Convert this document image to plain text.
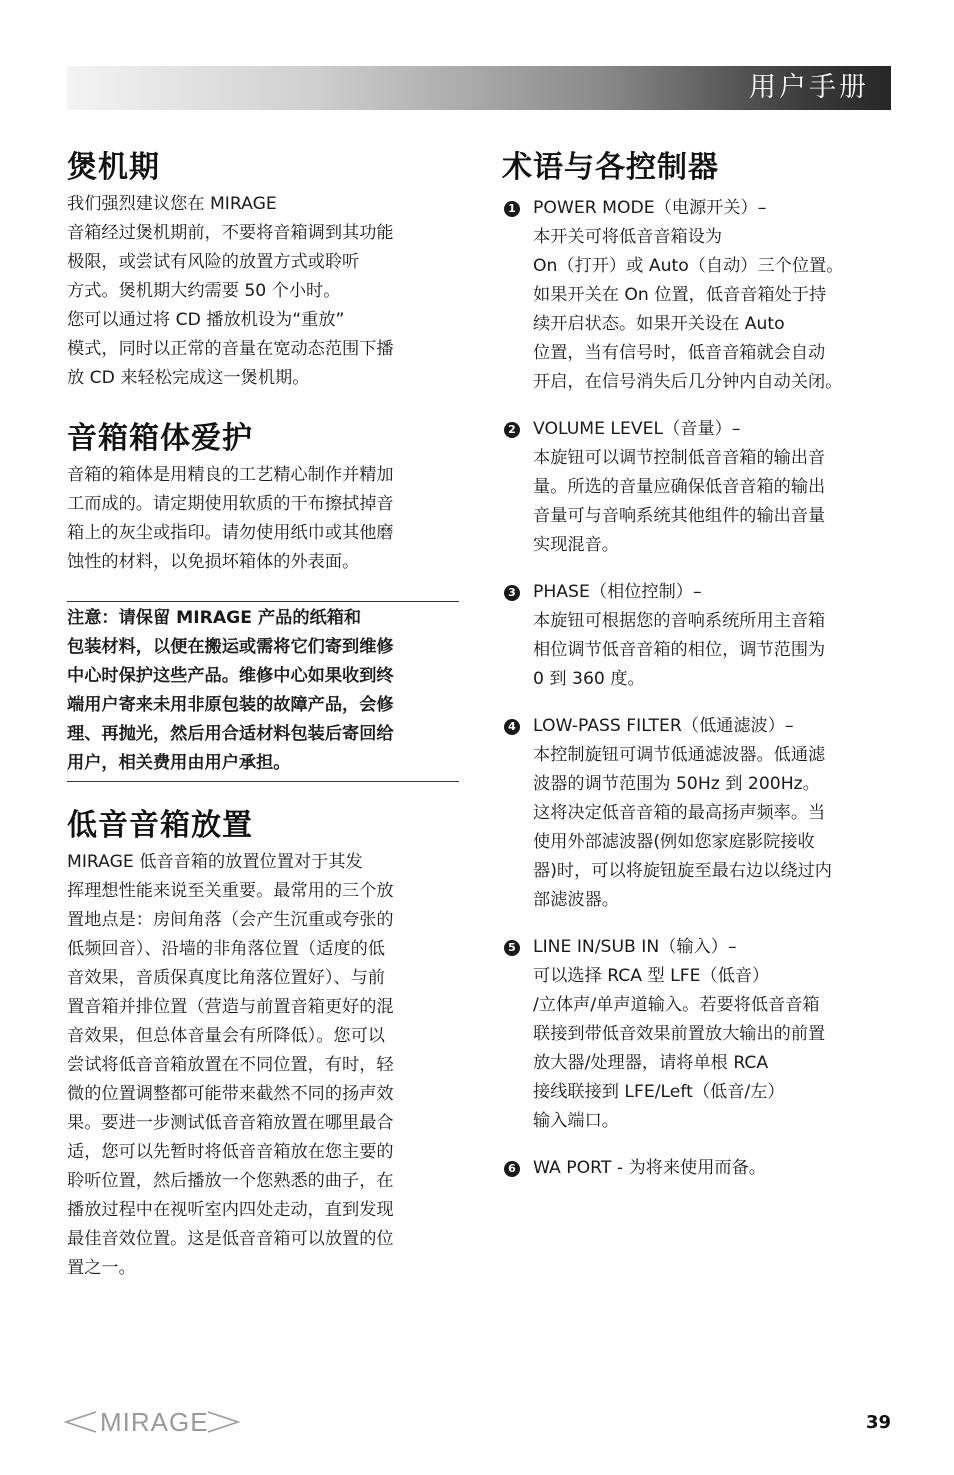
用户手册
煲机期

我们强烈建议您在 MIRAGE
音箱经过煲机期前，不要将音箱调到其功能
极限，或尝试有风险的放置方式或聆听
方式。煲机期大约需要 50 个小时。
您可以通过将 CD 播放机设为“重放”
模式，同时以正常的音量在宽动态范围下播
放 CD 来轻松完成这一煲机期。

音箱箱体爱护

音箱的箱体是用精良的工艺精心制作并精加
工而成的。请定期使用软质的干布擦拭掉音
箱上的灰尘或指印。请勿使用纸巾或其他磨
蚀性的材料，以免损坏箱体的外表面。

注意：请保留 MIRAGE 产品的纸箱和
包装材料，以便在搬运或需将它们寄到维修
中心时保护这些产品。维修中心如果收到终
端用户寄来未用非原包装的故障产品，会修
理、再抛光，然后用合适材料包装后寄回给
用户，相关费用由用户承担。

低音音箱放置

MIRAGE 低音音箱的放置位置对于其发
挥理想性能来说至关重要。最常用的三个放
置地点是：房间角落（会产生沉重或夸张的
低频回音）、沿墙的非角落位置（适度的低
音效果，音质保真度比角落位置好）、与前
置音箱并排位置（营造与前置音箱更好的混
音效果，但总体音量会有所降低）。您可以
尝试将低音音箱放置在不同位置，有时，轻
微的位置调整都可能带来截然不同的扬声效
果。要进一步测试低音音箱放置在哪里最合
适，您可以先暂时将低音音箱放在您主要的
聆听位置，然后播放一个您熟悉的曲子，在
播放过程中在视听室内四处走动，直到发现
最佳音效位置。这是低音音箱可以放置的位
置之一。

术语与各控制器
1 POWER MODE（电源开关）–
本开关可将低音音箱设为
On（打开）或 Auto（自动）三个位置。
如果开关在 On 位置，低音音箱处于持
续开启状态。如果开关设在 Auto
位置，当有信号时，低音音箱就会自动
开启，在信号消失后几分钟内自动关闭。

2 VOLUME LEVEL（音量）–
本旋钮可以调节控制低音音箱的输出音
量。所选的音量应确保低音音箱的输出
音量可与音响系统其他组件的输出音量
实现混音。

3 PHASE（相位控制）–
本旋钮可根据您的音响系统所用主音箱
相位调节低音音箱的相位，调节范围为
0 到 360 度。

4 LOW-PASS FILTER（低通滤波）–
本控制旋钮可调节低通滤波器。低通滤
波器的调节范围为 50Hz 到 200Hz。
这将决定低音音箱的最高扬声频率。当
使用外部滤波器(例如您家庭影院接收
器)时，可以将旋钮旋至最右边以绕过内
部滤波器。

5 LINE IN/SUB IN（输入）–
可以选择 RCA 型 LFE（低音）
/立体声/单声道输入。若要将低音音箱
联接到带低音效果前置放大输出的前置
放大器/处理器，请将单根 RCA
接线联接到 LFE/Left（低音/左）
输入端口。

6 WA PORT - 为将来使用而备。

MIRAGE	39
